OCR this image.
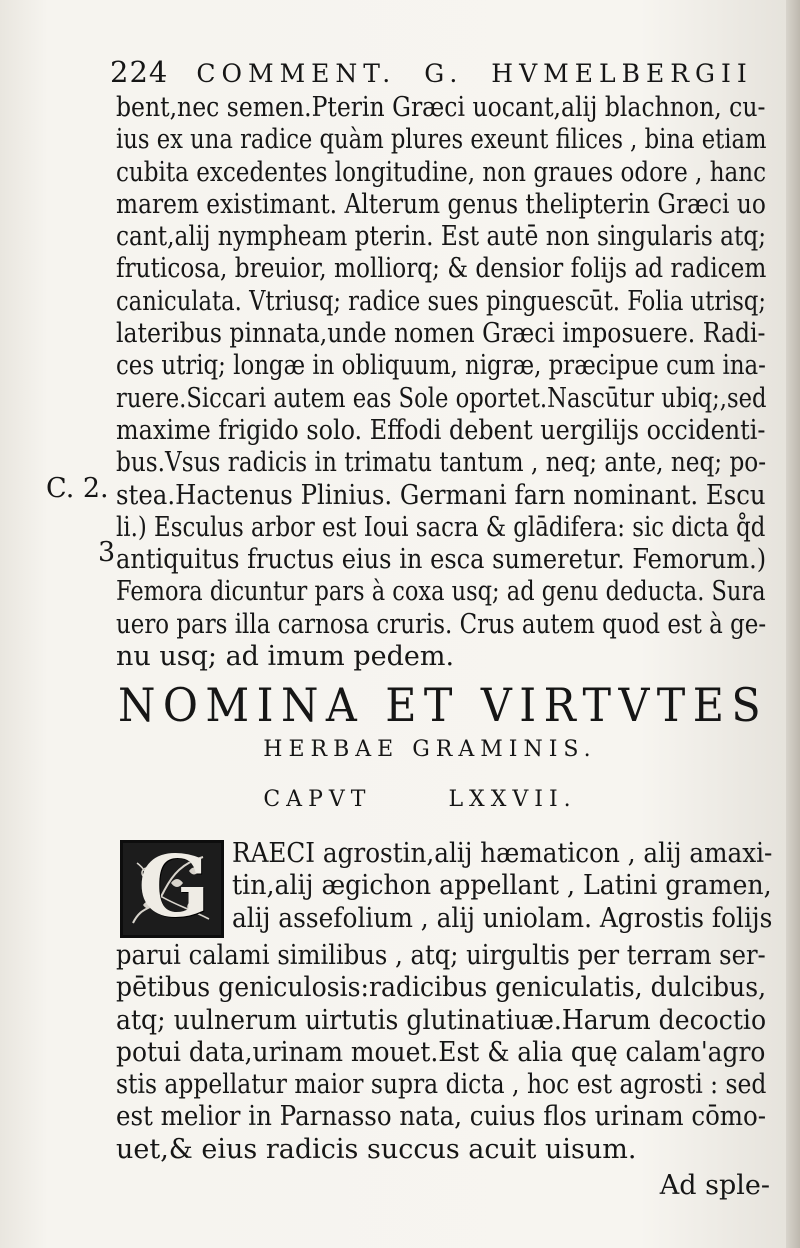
224 COMMENT. G. HVMELBERGII
bent,nec semen.Pterin Græci uocant,alij blachnon, cu-
ius ex una radice quàm plures exeunt filices , bina etiam
cubita excedentes longitudine, non graues odore , hanc
marem existimant. Alterum genus thelipterin Græci uo
cant,alij nympheam pterin. Est autē non singularis atq;
fruticosa, breuior, molliorq; & densior folijs ad radicem
caniculata. Vtriusq; radice sues pinguescūt. Folia utrisq;
lateribus pinnata,unde nomen Græci imposuere. Radi-
ces utriq; longæ in obliquum, nigræ, præcipue cum ina-
ruere.Siccari autem eas Sole oportet.Nascūtur ubiq;,sed
maxime frigido solo. Effodi debent uergilijs occidenti-
bus.Vsus radicis in trimatu tantum , neq; ante, neq; po-
stea.Hactenus Plinius. Germani farn nominant. Escu
li.) Esculus arbor est Ioui sacra & glādifera: sic dicta q̊d
antiquitus fructus eius in esca sumeretur. Femorum.)
Femora dicuntur pars à coxa usq; ad genu deducta. Sura
uero pars illa carnosa cruris. Crus autem quod est à ge-
nu usq; ad imum pedem.
C. 2.
3
NOMINA ET VIRTVTES
HERBAE GRAMINIS.
CAPVT	LXXVII.
G RAECI agrostin,alij hæmaticon , alij amaxi-
tin,alij ægichon appellant , Latini gramen,
alij assefolium , alij uniolam. Agrostis folijs
parui calami similibus , atq; uirgultis per terram ser-
pētibus geniculosis:radicibus geniculatis, dulcibus,
atq; uulnerum uirtutis glutinatiuæ.Harum decoctio
potui data,urinam mouet.Est & alia quę calam'agro
stis appellatur maior supra dicta , hoc est agrosti : sed
est melior in Parnasso nata, cuius flos urinam cōmo-
uet,& eius radicis succus acuit uisum.
Ad sple-
